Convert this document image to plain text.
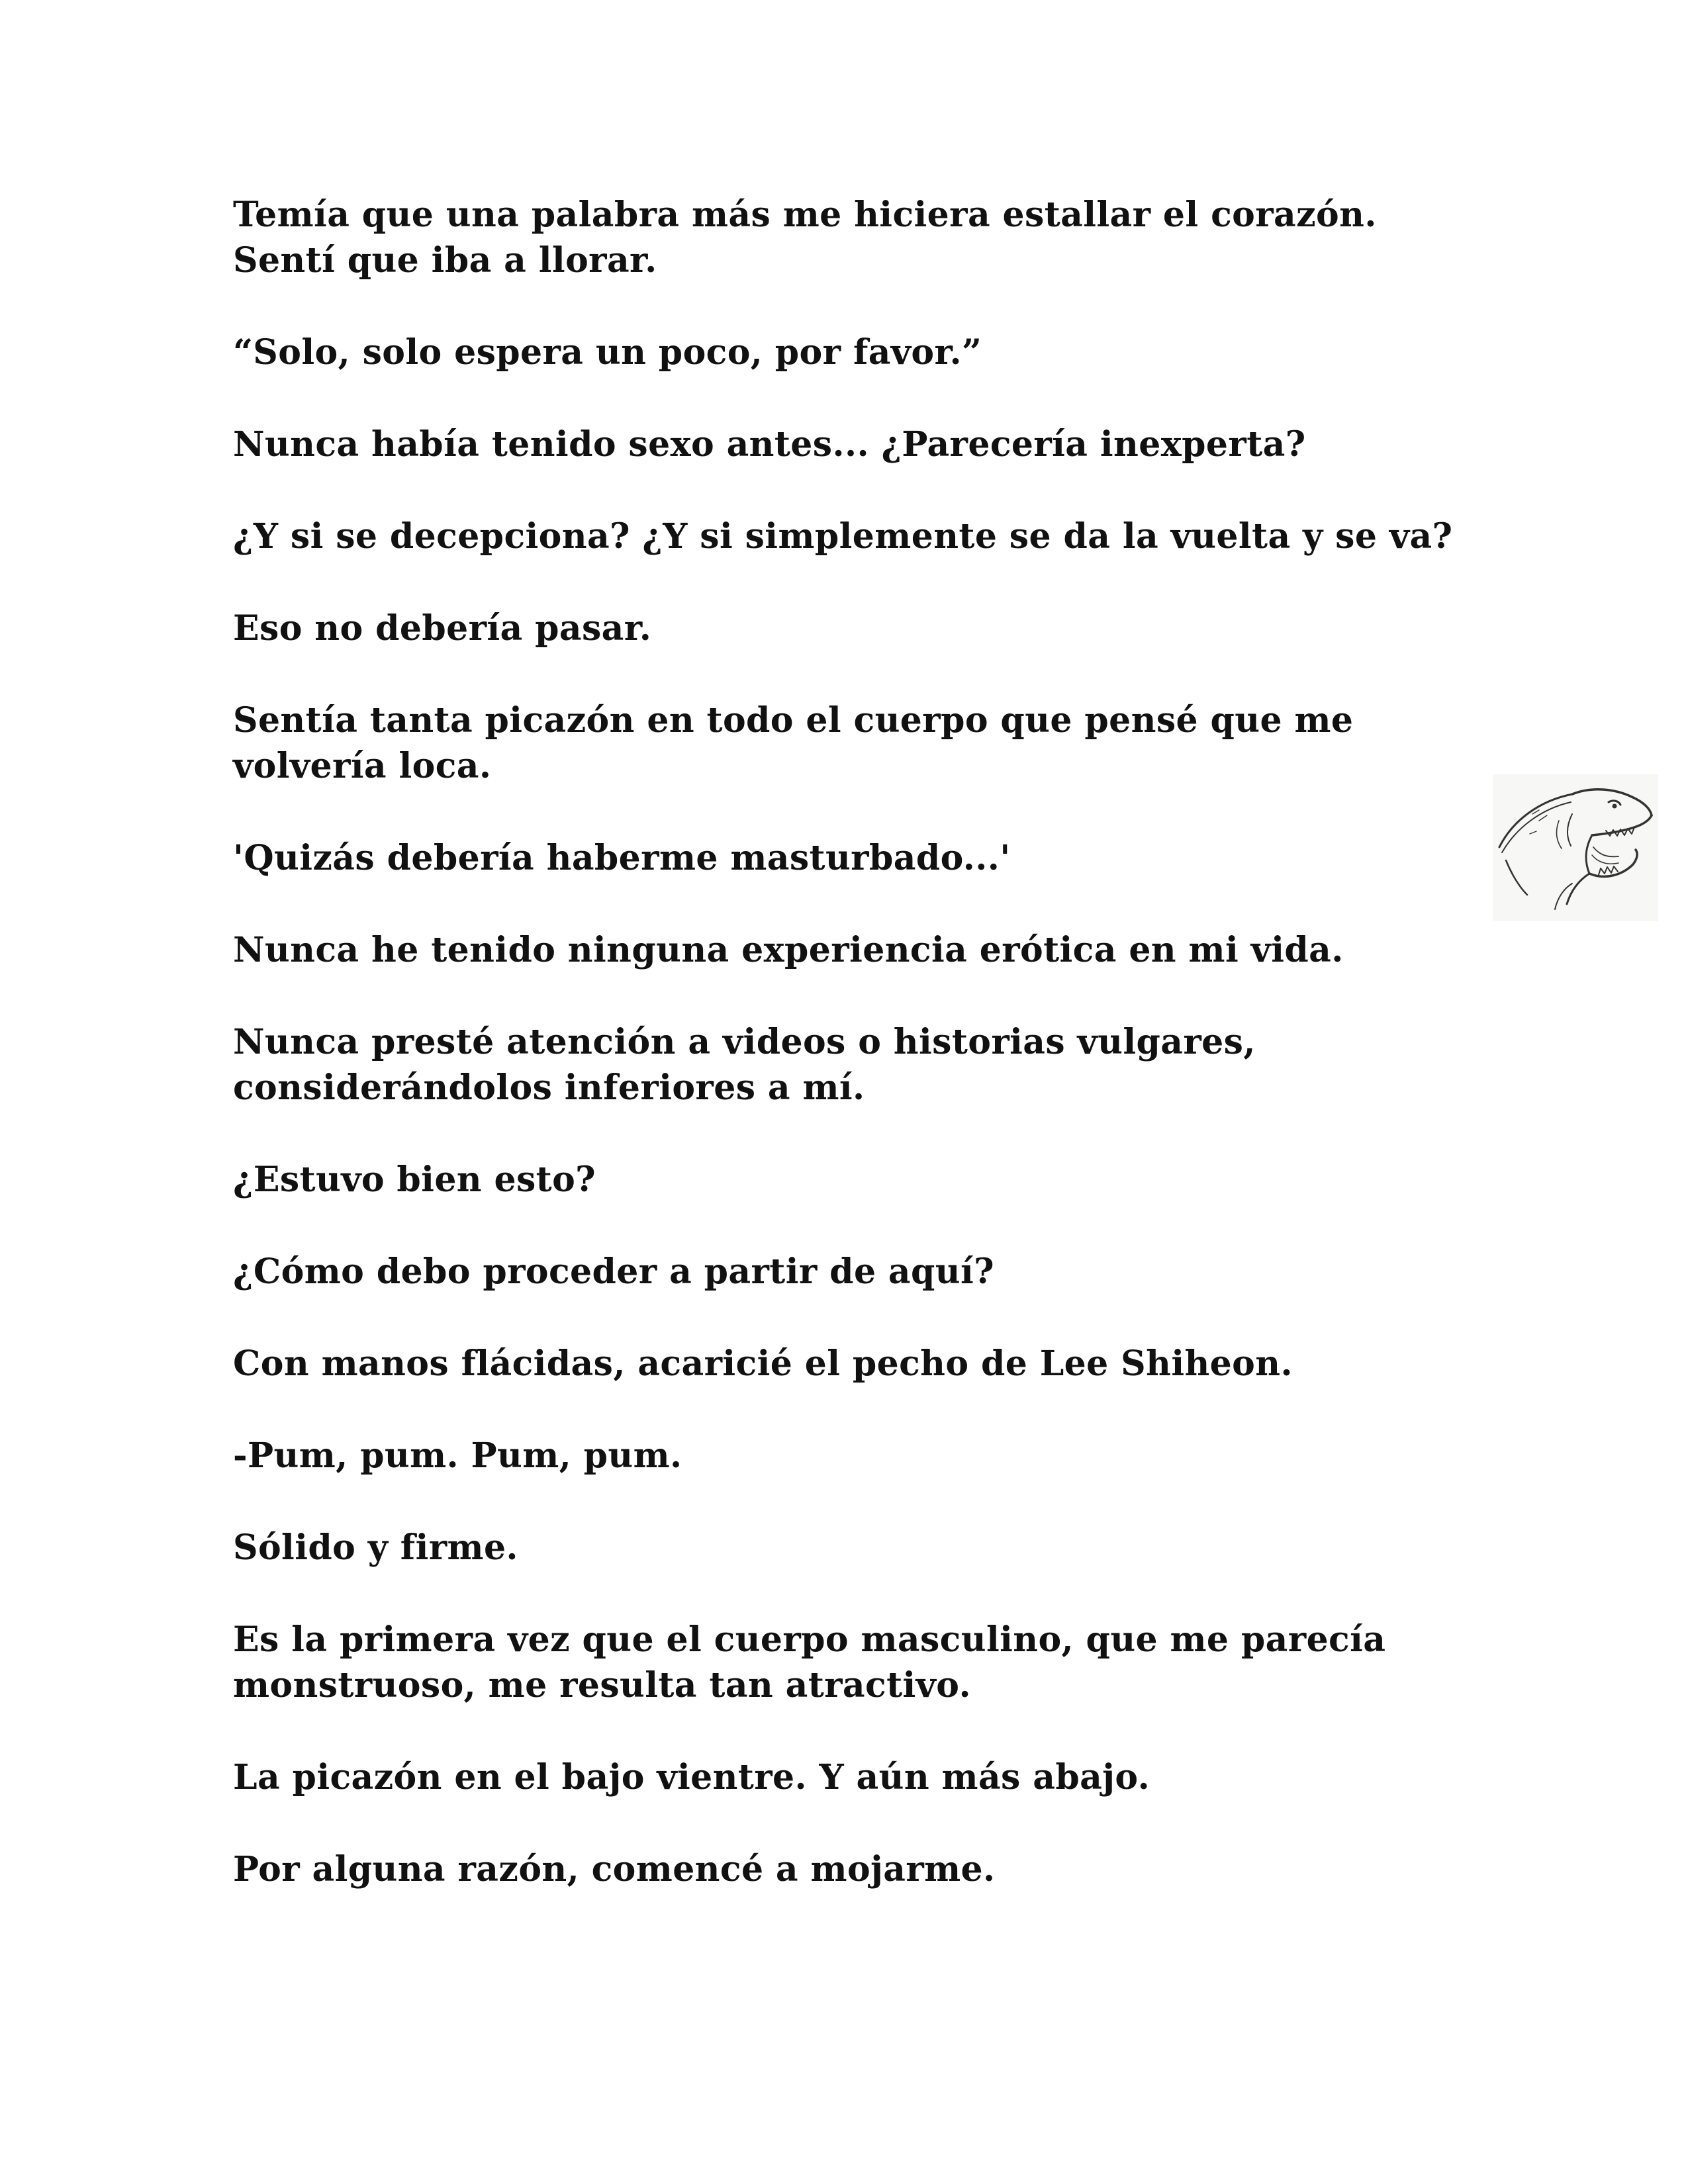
Temía que una palabra más me hiciera estallar el corazón.
Sentí que iba a llorar.

“Solo, solo espera un poco, por favor.”

Nunca había tenido sexo antes... ¿Parecería inexperta?

¿Y si se decepciona? ¿Y si simplemente se da la vuelta y se va?

Eso no debería pasar.

Sentía tanta picazón en todo el cuerpo que pensé que me
volvería loca.

'Quizás debería haberme masturbado...'

Nunca he tenido ninguna experiencia erótica en mi vida.

Nunca presté atención a videos o historias vulgares,
considerándolos inferiores a mí.

¿Estuvo bien esto?

¿Cómo debo proceder a partir de aquí?

Con manos flácidas, acaricié el pecho de Lee Shiheon.

-Pum, pum. Pum, pum.

Sólido y firme.

Es la primera vez que el cuerpo masculino, que me parecía
monstruoso, me resulta tan atractivo.

La picazón en el bajo vientre. Y aún más abajo.

Por alguna razón, comencé a mojarme.
